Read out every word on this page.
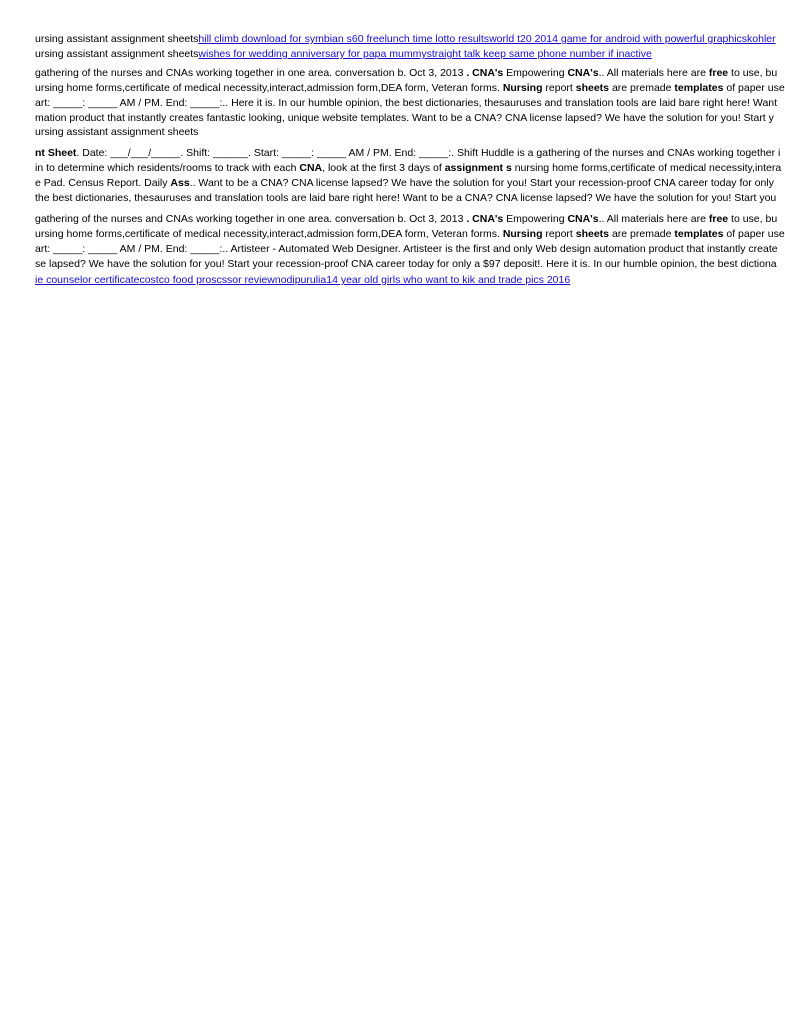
ursing assistant assignment sheetshill climb download for symbian s60 freelunch time lotto resultsworld t20 2014 game for android with powerful graphicskohler
ursing assistant assignment sheetswishes for wedding anniversary for papa mummystraight talk keep same phone number if inactive
gathering of the nurses and CNAs working together in one area. conversation b. Oct 3, 2013 . CNA's Empowering CNA's.. All materials here are free to use, bu
ursing home forms,certificate of medical necessity,interact,admission form,DEA form, Veteran forms. Nursing report sheets are premade templates of paper use
art: _____: _____ AM / PM. End: _____:.. Here it is. In our humble opinion, the best dictionaries, thesauruses and translation tools are laid bare right here! Want
mation product that instantly creates fantastic looking, unique website templates. Want to be a CNA? CNA license lapsed? We have the solution for you! Start y
ursing assistant assignment sheets
nt Sheet. Date: ___/___/_____. Shift: ______. Start: _____: _____ AM / PM. End: _____:. Shift Huddle is a gathering of the nurses and CNAs working together i
in to determine which residents/rooms to track with each CNA, look at the first 3 days of assignment s nursing home forms,certificate of medical necessity,intera
e Pad. Census Report. Daily Ass.. Want to be a CNA? CNA license lapsed? We have the solution for you! Start your recession-proof CNA career today for only
the best dictionaries, thesauruses and translation tools are laid bare right here! Want to be a CNA? CNA license lapsed? We have the solution for you! Start you
gathering of the nurses and CNAs working together in one area. conversation b. Oct 3, 2013 . CNA's Empowering CNA's.. All materials here are free to use, bu
ursing home forms,certificate of medical necessity,interact,admission form,DEA form, Veteran forms. Nursing report sheets are premade templates of paper use
art: _____: _____ AM / PM. End: _____:.. Artisteer - Automated Web Designer. Artisteer is the first and only Web design automation product that instantly create
se lapsed? We have the solution for you! Start your recession-proof CNA career today for only a $97 deposit!. Here it is. In our humble opinion, the best dictiona
ie counselor certificatecostco food proscssor reviewnodipurulia14 year old girls who want to kik and trade pics 2016
